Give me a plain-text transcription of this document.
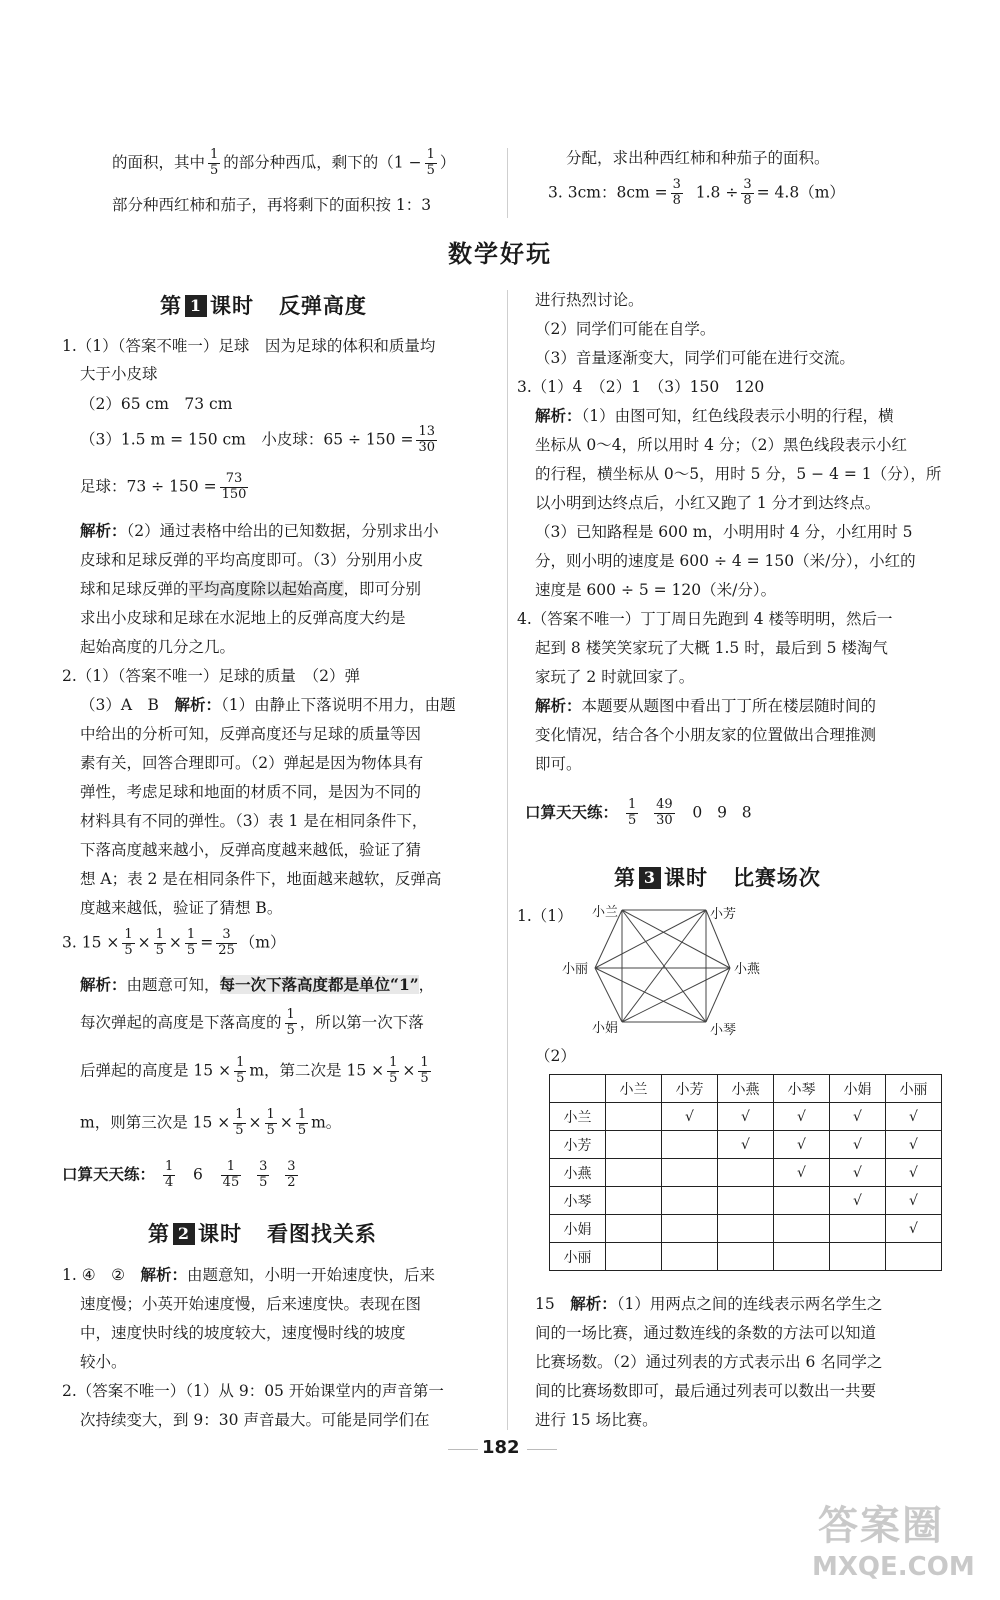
的面积，其中 $\frac{1}{5}$ 的部分种西瓜，剩下的（$1 - \frac{1}{5}$ ）
部分种西红柿和茄子，再将剩下的面积按 1：3
分配，求出种西红柿和种茄子的面积。
3. 3cm：$8cm = \frac{3}{8} 1.8 \div \frac{3}{8} = 4.8(m)$
数学好玩
第 1 课时 反弹高度
1.（1）（答案不唯一）足球　因为足球的体积和质量均
大于小皮球
（2）65 cm　73 cm
（3）1.5 m = 150 cm　小皮球：$65 \div 150 = \frac{13}{30}$
足球：$73 \div 150 = \frac{73}{150}$
解析：（2）通过表格中给出的已知数据，分别求出小
皮球和足球反弹的平均高度即可。（3）分别用小皮
球和足球反弹的平均高度除以起始高度，即可分别
求出小皮球和足球在水泥地上的反弹高度大约是
起始高度的几分之几。
2.（1）（答案不唯一）足球的质量　（2）弹
（3）A　B　解析：（1）由静止下落说明不用力，由题
中给出的分析可知，反弹高度还与足球的质量等因
素有关，回答合理即可。（2）弹起是因为物体具有
弹性，考虑足球和地面的材质不同，是因为不同的
材料具有不同的弹性。（3）表 1 是在相同条件下，
下落高度越来越小，反弹高度越来越低，验证了猜
想 A；表 2 是在相同条件下，地面越来越软，反弹高
度越来越低，验证了猜想 B。
3. $15 \times \frac{1}{5} \times \frac{1}{5} \times \frac{1}{5} = \frac{3}{25} (m)$
解析：由题意可知，每一次下落高度都是单位“1”，
每次弹起的高度是下落高度的 $\frac{1}{5}$ ，所以第一次下落
后弹起的高度是 $15 \times \frac{1}{5}$ m，第二次是 $15 \times \frac{1}{5} \times \frac{1}{5}$
m，则第三次是 $15 \times \frac{1}{5} \times \frac{1}{5} \times \frac{1}{5}$ m。
口算天天练： $\frac{1}{4} 6 \frac{1}{45}$
$\frac{3}{5}$
$\frac{3}{2}$
第 2 课时 看图找关系
1. ④　②　解析：由题意知，小明一开始速度快，后来
速度慢；小英开始速度慢，后来速度快。表现在图
中，速度快时线的坡度较大，速度慢时线的坡度
较小。
2.（答案不唯一）（1）从 9：05 开始课堂内的声音第一
次持续变大，到 9：30 声音最大。可能是同学们在
进行热烈讨论。
（2）同学们可能在自学。
（3）音量逐渐变大，同学们可能在进行交流。
3.（1）4　（2）1　（3）150　120
解析：（1）由图可知，红色线段表示小明的行程，横
坐标从 0～4，所以用时 4 分；（2）黑色线段表示小红
的行程，横坐标从 0～5，用时 5 分，5 − 4 = 1（分），所
以小明到达终点后，小红又跑了 1 分才到达终点。
（3）已知路程是 600 m，小明用时 4 分，小红用时 5
分，则小明的速度是 600 ÷ 4 = 150（米/分），小红的
速度是 600 ÷ 5 = 120（米/分）。
4.（答案不唯一）丁丁周日先跑到 4 楼等明明，然后一
起到 8 楼笑笑家玩了大概 1.5 时，最后到 5 楼淘气
家玩了 2 时就回家了。
解析：本题要从题图中看出丁丁所在楼层随时间的
变化情况，结合各个小朋友家的位置做出合理推测
即可。
口算天天练： $\frac{1}{5}$
$\frac{49}{30} 0$ 9 8
第 3 课时 比赛场次
1.（1） 小兰	小芳
小燕
小琴
小娟
小丽
（2）
	小兰	小芳	小燕	小琴	小娟	小丽
小兰		√	√	√	√	√
小芳			√	√	√	√
小燕				√	√	√
小琴					√	√
小娟						√
小丽						
15　解析：（1）用两点之间的连线表示两名学生之
间的一场比赛，通过数连线的条数的方法可以知道
比赛场数。（2）通过列表的方式表示出 6 名同学之
间的比赛场数即可，最后通过列表可以数出一共要
进行 15 场比赛。
182
答案圈
MXQE.COM
